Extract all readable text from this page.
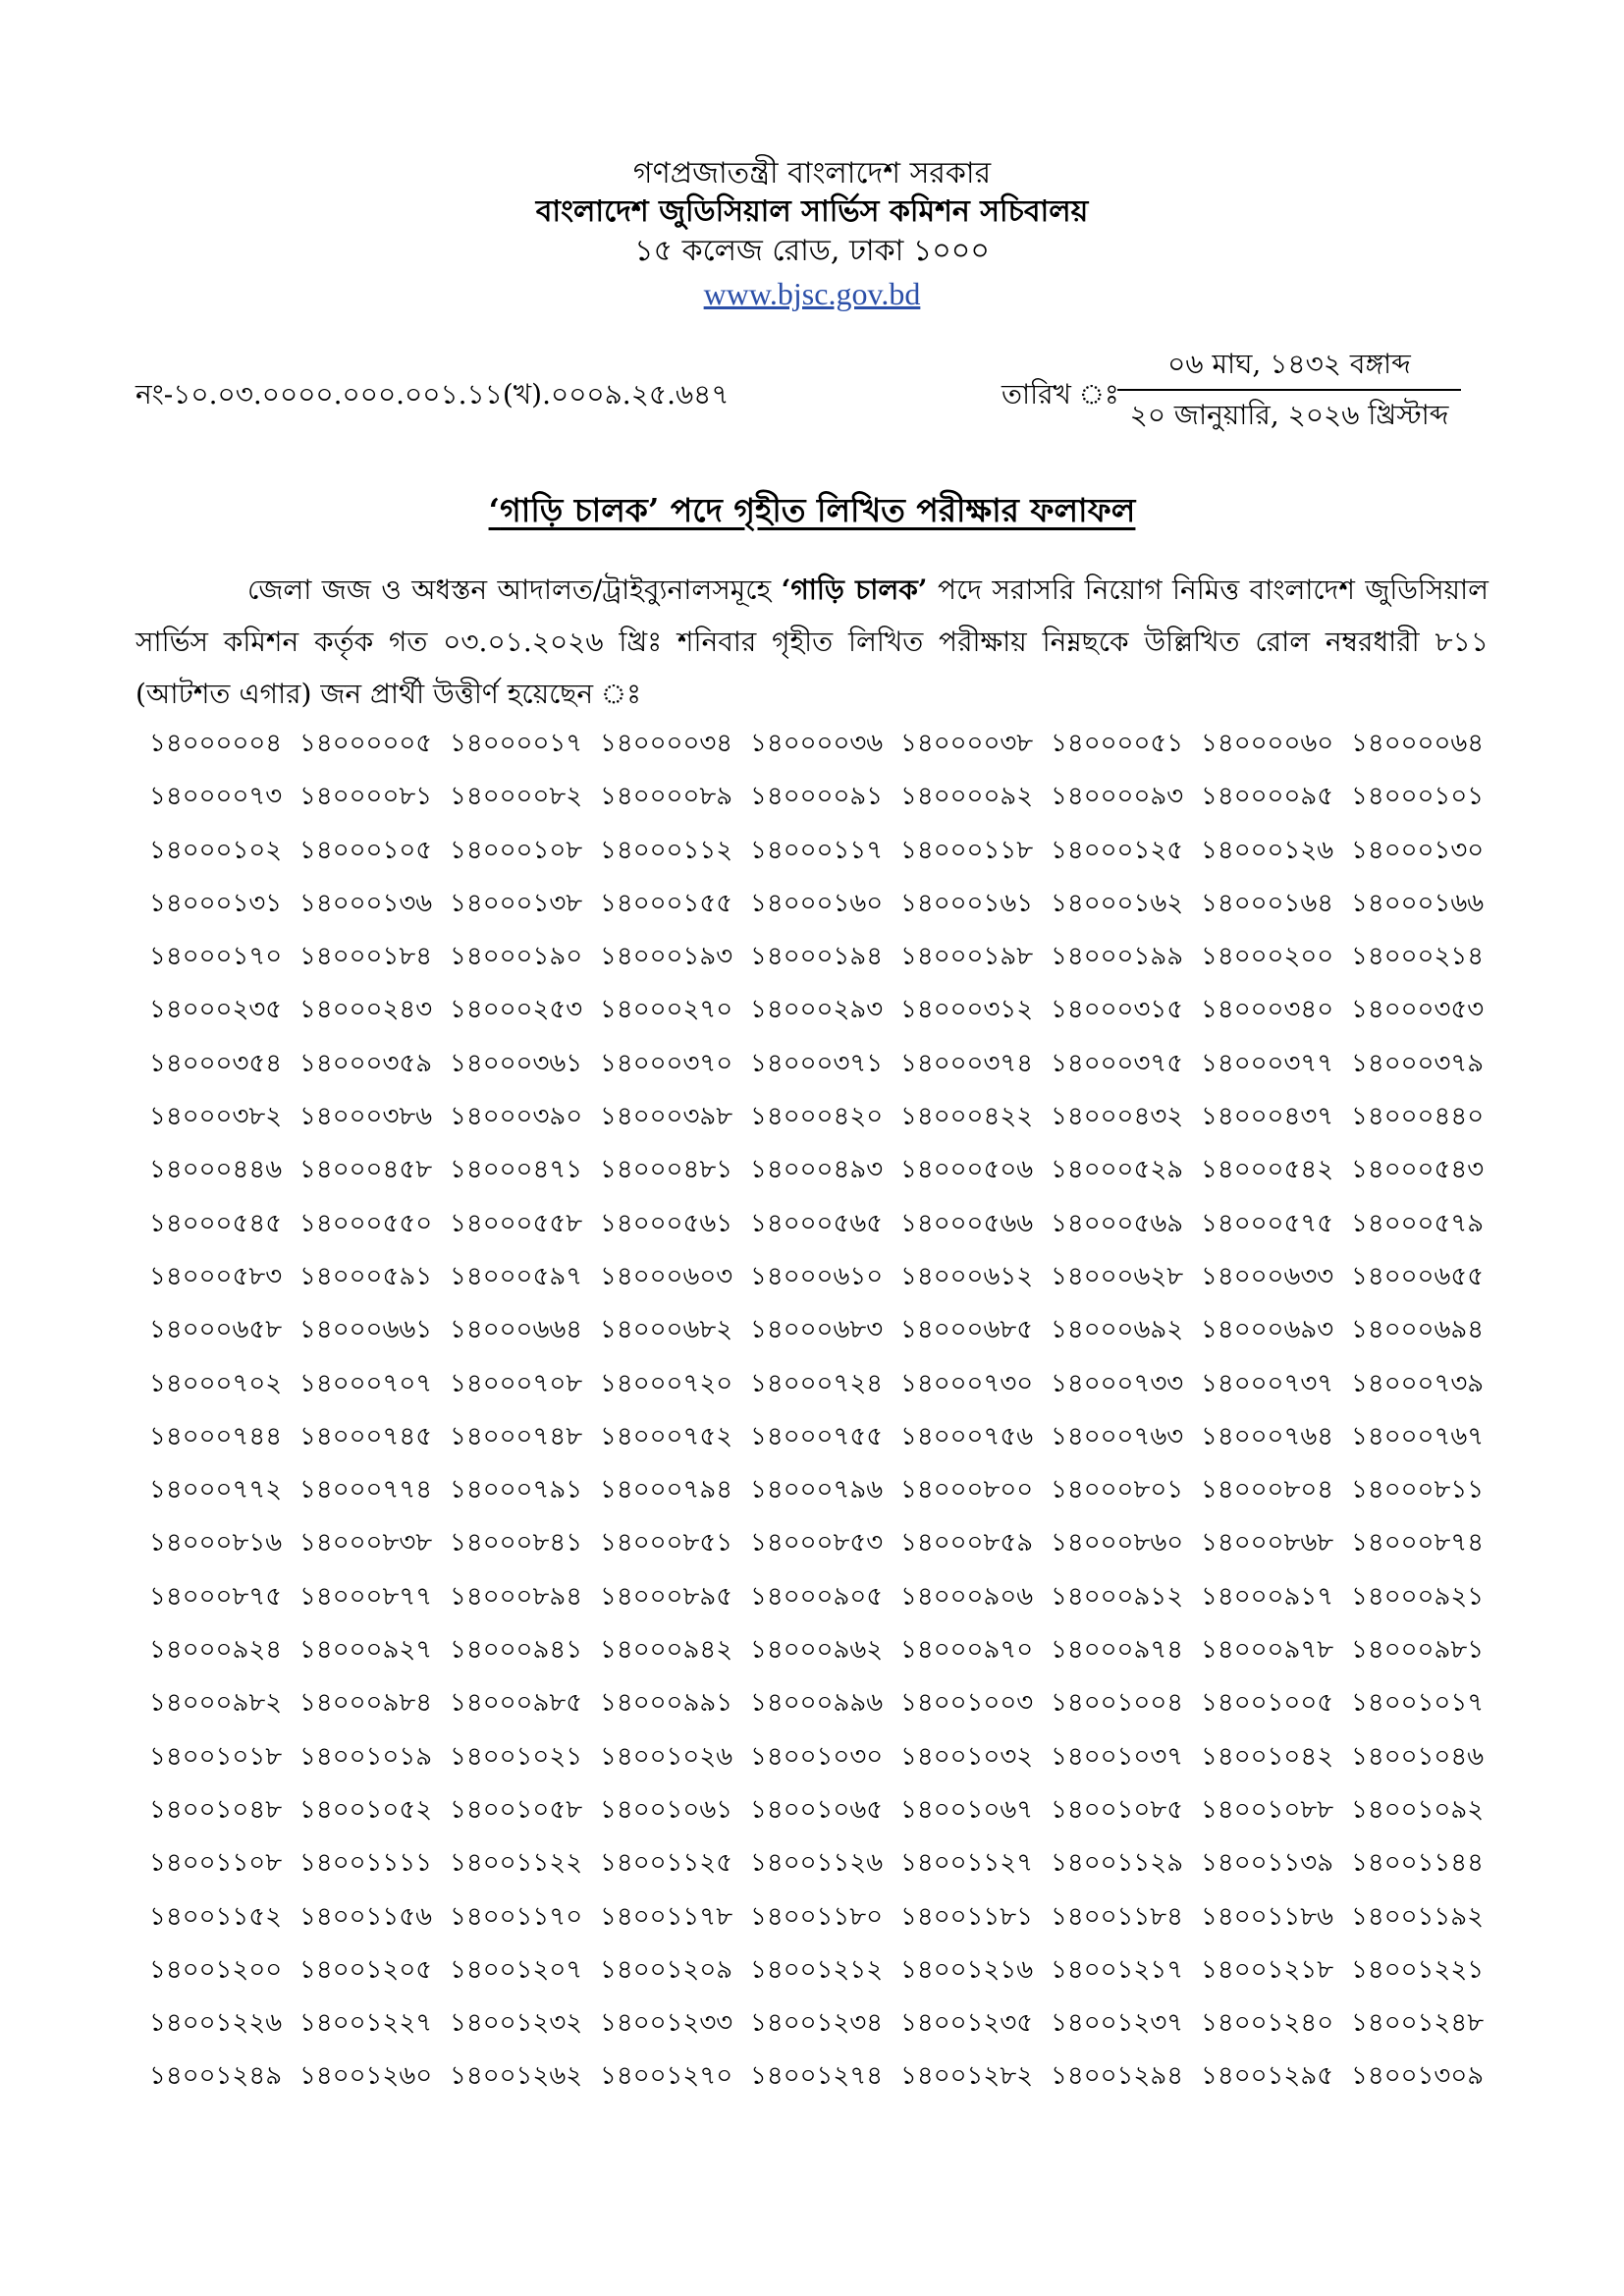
গণপ্রজাতন্ত্রী বাংলাদেশ সরকার
বাংলাদেশ জুডিসিয়াল সার্ভিস কমিশন সচিবালয়
১৫ কলেজ রোড, ঢাকা ১০০০
www.bjsc.gov.bd
নং-১০.০৩.০০০০.০০০.০০১.১১(খ).০০০৯.২৫.৬৪৭	তারিখ ঃ
০৬ মাঘ, ১৪৩২ বঙ্গাব্দ
২০ জানুয়ারি, ২০২৬ খ্রিস্টাব্দ
‘গাড়ি চালক’ পদে গৃহীত লিখিত পরীক্ষার ফলাফল

জেলা জজ ও অধস্তন আদালত/ট্রাইব্যুনালসমূহে ‘গাড়ি চালক’ পদে সরাসরি নিয়োগ নিমিত্ত বাংলাদেশ জুডিসিয়াল সার্ভিস কমিশন কর্তৃক গত ০৩.০১.২০২৬ খ্রিঃ শনিবার গৃহীত লিখিত পরীক্ষায় নিম্নছকে উল্লিখিত রোল নম্বরধারী ৮১১ (আটশত এগার) জন প্রার্থী উত্তীর্ণ হয়েছেন ঃ

১৪০০০০০৪ ১৪০০০০০৫ ১৪০০০০১৭ ১৪০০০০৩৪ ১৪০০০০৩৬ ১৪০০০০৩৮ ১৪০০০০৫১ ১৪০০০০৬০ ১৪০০০০৬৪
১৪০০০০৭৩ ১৪০০০০৮১ ১৪০০০০৮২ ১৪০০০০৮৯ ১৪০০০০৯১ ১৪০০০০৯২ ১৪০০০০৯৩ ১৪০০০০৯৫ ১৪০০০১০১
১৪০০০১০২ ১৪০০০১০৫ ১৪০০০১০৮ ১৪০০০১১২ ১৪০০০১১৭ ১৪০০০১১৮ ১৪০০০১২৫ ১৪০০০১২৬ ১৪০০০১৩০
১৪০০০১৩১ ১৪০০০১৩৬ ১৪০০০১৩৮ ১৪০০০১৫৫ ১৪০০০১৬০ ১৪০০০১৬১ ১৪০০০১৬২ ১৪০০০১৬৪ ১৪০০০১৬৬
১৪০০০১৭০ ১৪০০০১৮৪ ১৪০০০১৯০ ১৪০০০১৯৩ ১৪০০০১৯৪ ১৪০০০১৯৮ ১৪০০০১৯৯ ১৪০০০২০০ ১৪০০০২১৪
১৪০০০২৩৫ ১৪০০০২৪৩ ১৪০০০২৫৩ ১৪০০০২৭০ ১৪০০০২৯৩ ১৪০০০৩১২ ১৪০০০৩১৫ ১৪০০০৩৪০ ১৪০০০৩৫৩
১৪০০০৩৫৪ ১৪০০০৩৫৯ ১৪০০০৩৬১ ১৪০০০৩৭০ ১৪০০০৩৭১ ১৪০০০৩৭৪ ১৪০০০৩৭৫ ১৪০০০৩৭৭ ১৪০০০৩৭৯
১৪০০০৩৮২ ১৪০০০৩৮৬ ১৪০০০৩৯০ ১৪০০০৩৯৮ ১৪০০০৪২০ ১৪০০০৪২২ ১৪০০০৪৩২ ১৪০০০৪৩৭ ১৪০০০৪৪০
১৪০০০৪৪৬ ১৪০০০৪৫৮ ১৪০০০৪৭১ ১৪০০০৪৮১ ১৪০০০৪৯৩ ১৪০০০৫০৬ ১৪০০০৫২৯ ১৪০০০৫৪২ ১৪০০০৫৪৩
১৪০০০৫৪৫ ১৪০০০৫৫০ ১৪০০০৫৫৮ ১৪০০০৫৬১ ১৪০০০৫৬৫ ১৪০০০৫৬৬ ১৪০০০৫৬৯ ১৪০০০৫৭৫ ১৪০০০৫৭৯
১৪০০০৫৮৩ ১৪০০০৫৯১ ১৪০০০৫৯৭ ১৪০০০৬০৩ ১৪০০০৬১০ ১৪০০০৬১২ ১৪০০০৬২৮ ১৪০০০৬৩৩ ১৪০০০৬৫৫
১৪০০০৬৫৮ ১৪০০০৬৬১ ১৪০০০৬৬৪ ১৪০০০৬৮২ ১৪০০০৬৮৩ ১৪০০০৬৮৫ ১৪০০০৬৯২ ১৪০০০৬৯৩ ১৪০০০৬৯৪
১৪০০০৭০২ ১৪০০০৭০৭ ১৪০০০৭০৮ ১৪০০০৭২০ ১৪০০০৭২৪ ১৪০০০৭৩০ ১৪০০০৭৩৩ ১৪০০০৭৩৭ ১৪০০০৭৩৯
১৪০০০৭৪৪ ১৪০০০৭৪৫ ১৪০০০৭৪৮ ১৪০০০৭৫২ ১৪০০০৭৫৫ ১৪০০০৭৫৬ ১৪০০০৭৬৩ ১৪০০০৭৬৪ ১৪০০০৭৬৭
১৪০০০৭৭২ ১৪০০০৭৭৪ ১৪০০০৭৯১ ১৪০০০৭৯৪ ১৪০০০৭৯৬ ১৪০০০৮০০ ১৪০০০৮০১ ১৪০০০৮০৪ ১৪০০০৮১১
১৪০০০৮১৬ ১৪০০০৮৩৮ ১৪০০০৮৪১ ১৪০০০৮৫১ ১৪০০০৮৫৩ ১৪০০০৮৫৯ ১৪০০০৮৬০ ১৪০০০৮৬৮ ১৪০০০৮৭৪
১৪০০০৮৭৫ ১৪০০০৮৭৭ ১৪০০০৮৯৪ ১৪০০০৮৯৫ ১৪০০০৯০৫ ১৪০০০৯০৬ ১৪০০০৯১২ ১৪০০০৯১৭ ১৪০০০৯২১
১৪০০০৯২৪ ১৪০০০৯২৭ ১৪০০০৯৪১ ১৪০০০৯৪২ ১৪০০০৯৬২ ১৪০০০৯৭০ ১৪০০০৯৭৪ ১৪০০০৯৭৮ ১৪০০০৯৮১
১৪০০০৯৮২ ১৪০০০৯৮৪ ১৪০০০৯৮৫ ১৪০০০৯৯১ ১৪০০০৯৯৬ ১৪০০১০০৩ ১৪০০১০০৪ ১৪০০১০০৫ ১৪০০১০১৭
১৪০০১০১৮ ১৪০০১০১৯ ১৪০০১০২১ ১৪০০১০২৬ ১৪০০১০৩০ ১৪০০১০৩২ ১৪০০১০৩৭ ১৪০০১০৪২ ১৪০০১০৪৬
১৪০০১০৪৮ ১৪০০১০৫২ ১৪০০১০৫৮ ১৪০০১০৬১ ১৪০০১০৬৫ ১৪০০১০৬৭ ১৪০০১০৮৫ ১৪০০১০৮৮ ১৪০০১০৯২
১৪০০১১০৮ ১৪০০১১১১ ১৪০০১১২২ ১৪০০১১২৫ ১৪০০১১২৬ ১৪০০১১২৭ ১৪০০১১২৯ ১৪০০১১৩৯ ১৪০০১১৪৪
১৪০০১১৫২ ১৪০০১১৫৬ ১৪০০১১৭০ ১৪০০১১৭৮ ১৪০০১১৮০ ১৪০০১১৮১ ১৪০০১১৮৪ ১৪০০১১৮৬ ১৪০০১১৯২
১৪০০১২০০ ১৪০০১২০৫ ১৪০০১২০৭ ১৪০০১২০৯ ১৪০০১২১২ ১৪০০১২১৬ ১৪০০১২১৭ ১৪০০১২১৮ ১৪০০১২২১
১৪০০১২২৬ ১৪০০১২২৭ ১৪০০১২৩২ ১৪০০১২৩৩ ১৪০০১২৩৪ ১৪০০১২৩৫ ১৪০০১২৩৭ ১৪০০১২৪০ ১৪০০১২৪৮
১৪০০১২৪৯ ১৪০০১২৬০ ১৪০০১২৬২ ১৪০০১২৭০ ১৪০০১২৭৪ ১৪০০১২৮২ ১৪০০১২৯৪ ১৪০০১২৯৫ ১৪০০১৩০৯
